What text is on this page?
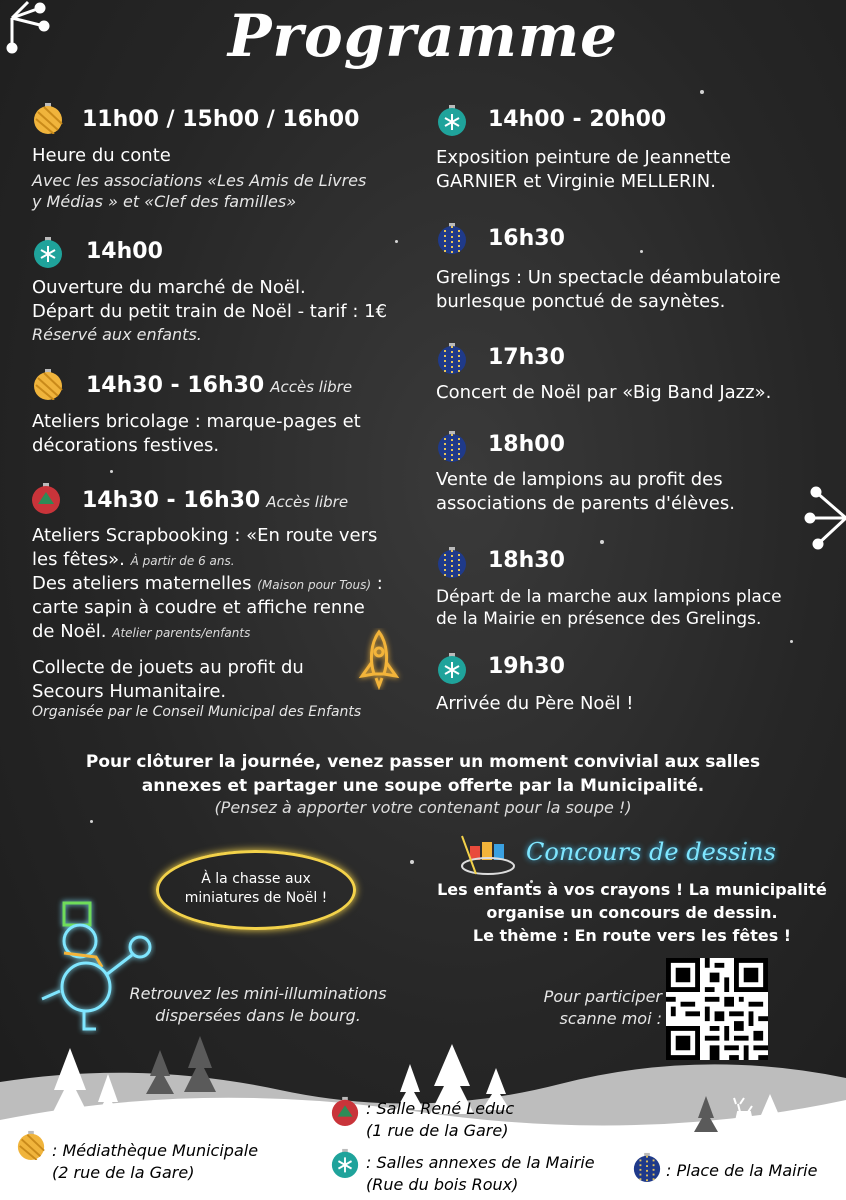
Programme
11h00 / 15h00 / 16h00
Heure du conte
Avec les associations «Les Amis de Livres
y Médias » et «Clef des familles»
14h00
Ouverture du marché de Noël.
Départ du petit train de Noël - tarif : 1€
Réservé aux enfants.
14h30 - 16h30 Accès libre
Ateliers bricolage : marque-pages et
décorations festives.
14h30 - 16h30 Accès libre
Ateliers Scrapbooking : «En route vers
les fêtes». À partir de 6 ans.
Des ateliers maternelles (Maison pour Tous) :
carte sapin à coudre et affiche renne
de Noël. Atelier parents/enfants
Collecte de jouets au profit du
Secours Humanitaire.
Organisée par le Conseil Municipal des Enfants
14h00 - 20h00
Exposition peinture de Jeannette
GARNIER et Virginie MELLERIN.
16h30
Grelings : Un spectacle déambulatoire
burlesque ponctué de saynètes.
17h30
Concert de Noël par «Big Band Jazz».
18h00
Vente de lampions au profit des
associations de parents d'élèves.
18h30
Départ de la marche aux lampions place
de la Mairie en présence des Grelings.
19h30
Arrivée du Père Noël !
Pour clôturer la journée, venez passer un moment convivial aux salles
annexes et partager une soupe offerte par la Municipalité.
(Pensez à apporter votre contenant pour la soupe !)
À la chasse aux
miniatures de Noël !
Retrouvez les mini-illuminations
dispersées dans le bourg.
Concours de dessins
Les enfants à vos crayons ! La municipalité
organise un concours de dessin.
Le thème : En route vers les fêtes !
Pour participer
scanne moi :
: Médiathèque Municipale
(2 rue de la Gare)
: Salle René Leduc
(1 rue de la Gare)
: Salles annexes de la Mairie
(Rue du bois Roux)
: Place de la Mairie
